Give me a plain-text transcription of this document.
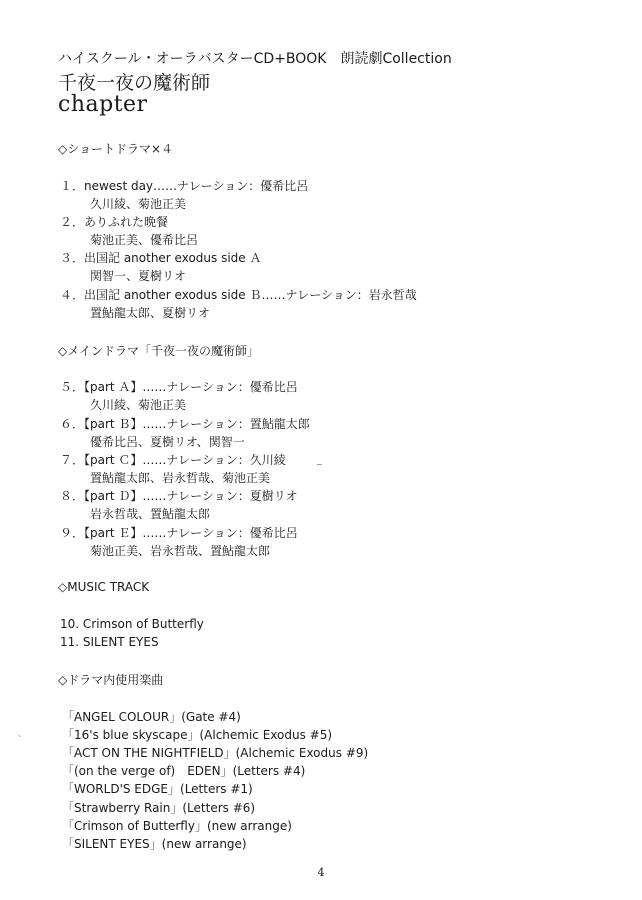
ハイスクール・オーラバスターCD+BOOK　朗読劇Collection
千夜一夜の魔術師
chapter
◇ショートドラマ×４
１．newest day……ナレーション：優希比呂
久川綾、菊池正美
２．ありふれた晩餐
菊池正美、優希比呂
３．出国記 another exodus side Ａ
関智一、夏樹リオ
４．出国記 another exodus side Ｂ……ナレーション：岩永哲哉
置鮎龍太郎、夏樹リオ
◇メインドラマ「千夜一夜の魔術師」
５．【part Ａ】……ナレーション：優希比呂
久川綾、菊池正美
６．【part Ｂ】……ナレーション：置鮎龍太郎
優希比呂、夏樹リオ、関智一
７．【part Ｃ】……ナレーション：久川綾
置鮎龍太郎、岩永哲哉、菊池正美
８．【part Ｄ】……ナレーション：夏樹リオ
岩永哲哉、置鮎龍太郎
９．【part Ｅ】……ナレーション：優希比呂
菊池正美、岩永哲哉、置鮎龍太郎
◇MUSIC TRACK
10. Crimson of Butterfly
11. SILENT EYES
◇ドラマ内使用楽曲
「ANGEL COLOUR」(Gate #4)
「16's blue skyscape」(Alchemic Exodus #5)
「ACT ON THE NIGHTFIELD」(Alchemic Exodus #9)
「(on the verge of)　EDEN」(Letters #4)
「WORLD'S EDGE」(Letters #1)
「Strawberry Rain」(Letters #6)
「Crimson of Butterfly」(new arrange)
「SILENT EYES」(new arrange)
4
~
、
